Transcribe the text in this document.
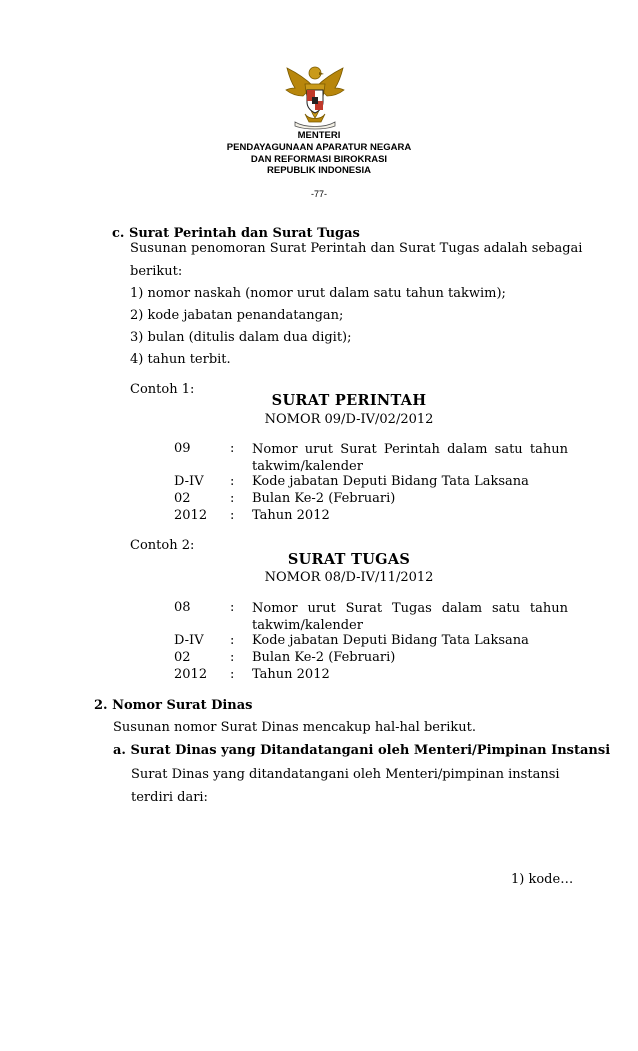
MENTERI
PENDAYAGUNAAN APARATUR NEGARA
DAN REFORMASI BIROKRASI
REPUBLIK INDONESIA
-77-
c. Surat Perintah dan Surat Tugas
Susunan penomoran Surat Perintah dan Surat Tugas adalah sebagai
berikut:
1) nomor naskah (nomor urut dalam satu tahun takwim);
2) kode jabatan penandatangan;
3) bulan (ditulis dalam dua digit);
4) tahun terbit.
Contoh 1:
SURAT PERINTAH
NOMOR 09/D-IV/02/2012
09	: Nomor urut Surat Perintah dalam satu tahun takwim/kalender
D-IV : Kode jabatan Deputi Bidang Tata Laksana
02	: Bulan Ke-2 (Februari)
2012 : Tahun 2012
Contoh 2:
SURAT TUGAS
NOMOR 08/D-IV/11/2012
08	: Nomor urut Surat Tugas dalam satu tahun takwim/kalender
D-IV : Kode jabatan Deputi Bidang Tata Laksana
02	: Bulan Ke-2 (Februari)
2012 : Tahun 2012
2. Nomor Surat Dinas
Susunan nomor Surat Dinas mencakup hal-hal berikut.
a. Surat Dinas yang Ditandatangani oleh Menteri/Pimpinan Instansi
Surat Dinas yang ditandatangani oleh Menteri/pimpinan instansi
terdiri dari:
1) kode…
